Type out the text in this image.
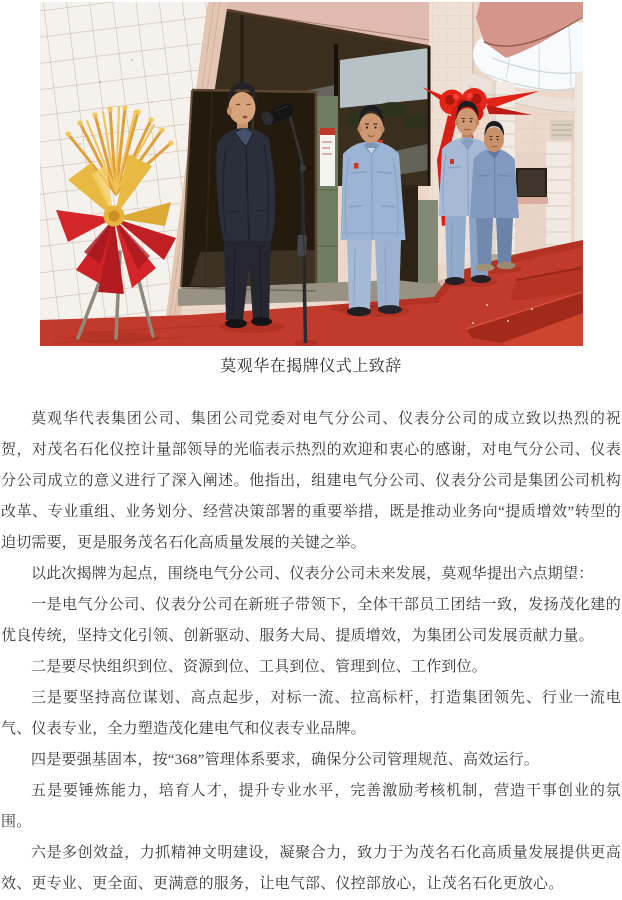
莫观华在揭牌仪式上致辞

莫观华代表集团公司、集团公司党委对电气分公司、仪表分公司的成立致以热烈的祝贺，对茂名石化仪控计量部领导的光临表示热烈的欢迎和衷心的感谢，对电气分公司、仪表分公司成立的意义进行了深入阐述。他指出，组建电气分公司、仪表分公司是集团公司机构改革、专业重组、业务划分、经营决策部署的重要举措，既是推动业务向“提质增效”转型的迫切需要，更是服务茂名石化高质量发展的关键之举。

以此次揭牌为起点，围绕电气分公司、仪表分公司未来发展，莫观华提出六点期望：

一是电气分公司、仪表分公司在新班子带领下，全体干部员工团结一致，发扬茂化建的优良传统，坚持文化引领、创新驱动、服务大局、提质增效，为集团公司发展贡献力量。

二是要尽快组织到位、资源到位、工具到位、管理到位、工作到位。

三是要坚持高位谋划、高点起步，对标一流、拉高标杆，打造集团领先、行业一流电气、仪表专业，全力塑造茂化建电气和仪表专业品牌。

四是要强基固本，按“368”管理体系要求，确保分公司管理规范、高效运行。

五是要锤炼能力，培育人才，提升专业水平，完善激励考核机制，营造干事创业的氛围。

六是多创效益，力抓精神文明建设，凝聚合力，致力于为茂名石化高质量发展提供更高效、更专业、更全面、更满意的服务，让电气部、仪控部放心，让茂名石化更放心。
